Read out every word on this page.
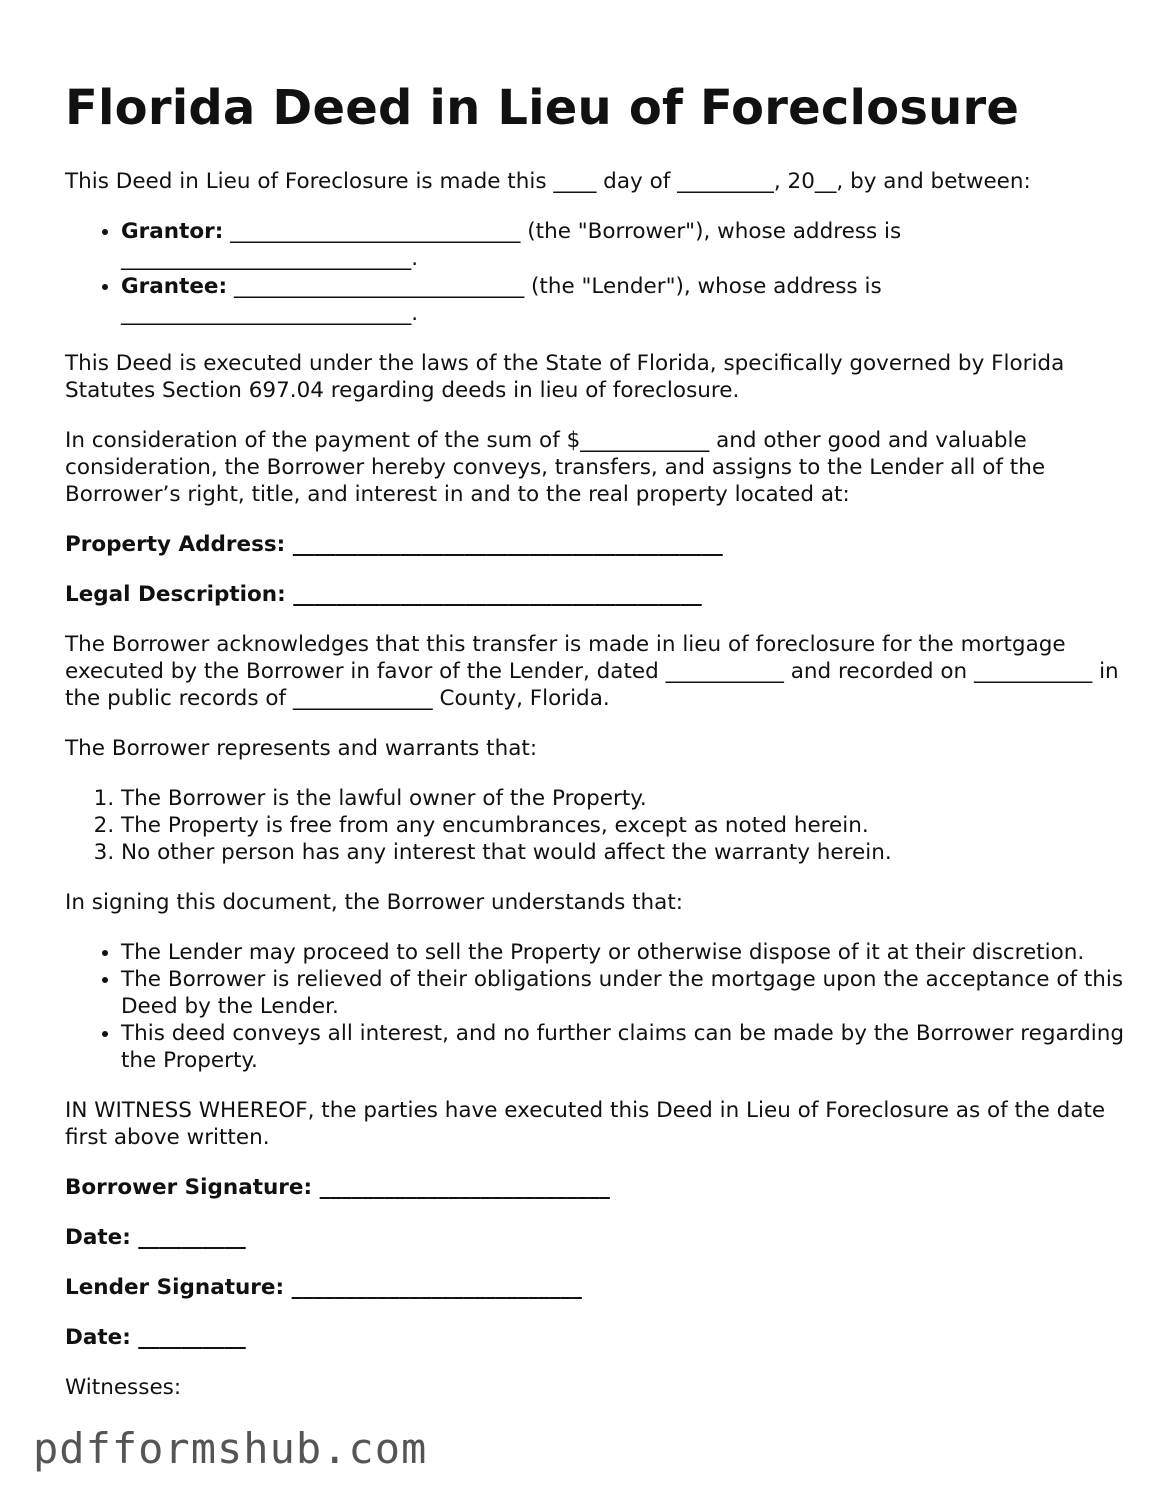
Florida Deed in Lieu of Foreclosure

This Deed in Lieu of Foreclosure is made this ____ day of _________, 20__, by and between:

• Grantor: ___________________________ (the "Borrower"), whose address is ___________________________.
• Grantee: ___________________________ (the "Lender"), whose address is ___________________________.

This Deed is executed under the laws of the State of Florida, specifically governed by Florida Statutes Section 697.04 regarding deeds in lieu of foreclosure.

In consideration of the payment of the sum of $____________ and other good and valuable consideration, the Borrower hereby conveys, transfers, and assigns to the Lender all of the Borrower’s right, title, and interest in and to the real property located at:

Property Address: ________________________________________

Legal Description: ______________________________________

The Borrower acknowledges that this transfer is made in lieu of foreclosure for the mortgage executed by the Borrower in favor of the Lender, dated ___________ and recorded on ___________ in the public records of _____________ County, Florida.

The Borrower represents and warrants that:

1. The Borrower is the lawful owner of the Property.
2. The Property is free from any encumbrances, except as noted herein.
3. No other person has any interest that would affect the warranty herein.

In signing this document, the Borrower understands that:

• The Lender may proceed to sell the Property or otherwise dispose of it at their discretion.
• The Borrower is relieved of their obligations under the mortgage upon the acceptance of this Deed by the Lender.
• This deed conveys all interest, and no further claims can be made by the Borrower regarding the Property.

IN WITNESS WHEREOF, the parties have executed this Deed in Lieu of Foreclosure as of the date first above written.

Borrower Signature: ___________________________

Date: __________

Lender Signature: ___________________________

Date: __________

Witnesses:

pdfformshub.com
